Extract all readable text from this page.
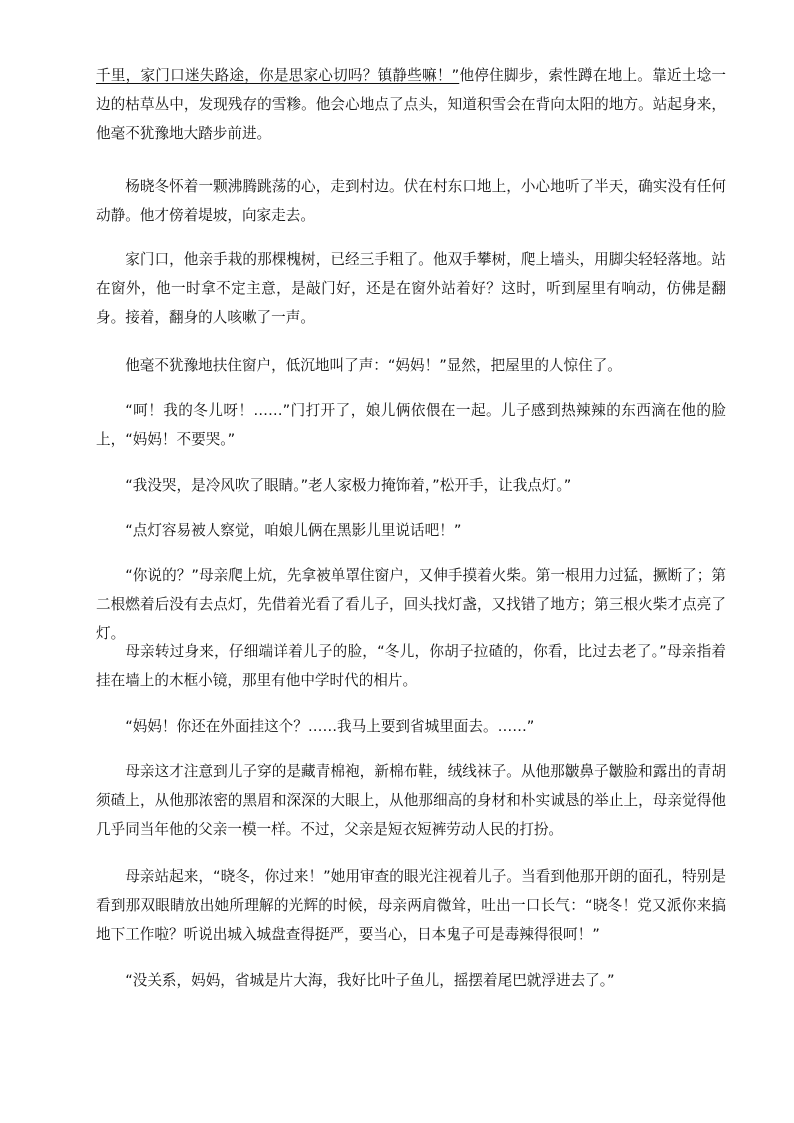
千里，家门口迷失路途，你是思家心切吗？镇静些嘛！”他停住脚步，索性蹲在地上。靠近土埝一边的枯草丛中，发现残存的雪糁。他会心地点了点头，知道积雪会在背向太阳的地方。站起身来，他毫不犹豫地大踏步前进。

杨晓冬怀着一颗沸腾跳荡的心，走到村边。伏在村东口地上，小心地听了半天，确实没有任何动静。他才傍着堤坡，向家走去。

家门口，他亲手栽的那棵槐树，已经三手粗了。他双手攀树，爬上墙头，用脚尖轻轻落地。站在窗外，他一时拿不定主意，是敲门好，还是在窗外站着好？这时，听到屋里有响动，仿佛是翻身。接着，翻身的人咳嗽了一声。

他毫不犹豫地扶住窗户，低沉地叫了声：“妈妈！”显然，把屋里的人惊住了。

“呵！我的冬儿呀！……”门打开了，娘儿俩依偎在一起。儿子感到热辣辣的东西滴在他的脸上，“妈妈！不要哭。”

“我没哭，是冷风吹了眼睛。”老人家极力掩饰着，”松开手，让我点灯。”

“点灯容易被人察觉，咱娘儿俩在黑影儿里说话吧！”

“你说的？”母亲爬上炕，先拿被单罩住窗户，又伸手摸着火柴。第一根用力过猛，撅断了；第二根燃着后没有去点灯，先借着光看了看儿子，回头找灯盏，又找错了地方；第三根火柴才点亮了灯。

母亲转过身来，仔细端详着儿子的脸，“冬儿，你胡子拉碴的，你看，比过去老了。”母亲指着挂在墙上的木框小镜，那里有他中学时代的相片。

“妈妈！你还在外面挂这个？……我马上要到省城里面去。……”

母亲这才注意到儿子穿的是藏青棉袍，新棉布鞋，绒线袜子。从他那皺鼻子皺脸和露出的青胡须碴上，从他那浓密的黑眉和深深的大眼上，从他那细高的身材和朴实诚恳的举止上，母亲觉得他几乎同当年他的父亲一模一样。不过，父亲是短衣短裤劳动人民的打扮。

母亲站起来，“晓冬，你过来！”她用审查的眼光注视着儿子。当看到他那开朗的面孔，特别是看到那双眼睛放出她所理解的光辉的时候，母亲两肩微耸，吐出一口长气：“晓冬！党又派你来搞地下工作啦？听说出城入城盘查得挺严，要当心，日本鬼子可是毒辣得很呵！”

“没关系，妈妈，省城是片大海，我好比叶子鱼儿，摇摆着尾巴就浮进去了。”
